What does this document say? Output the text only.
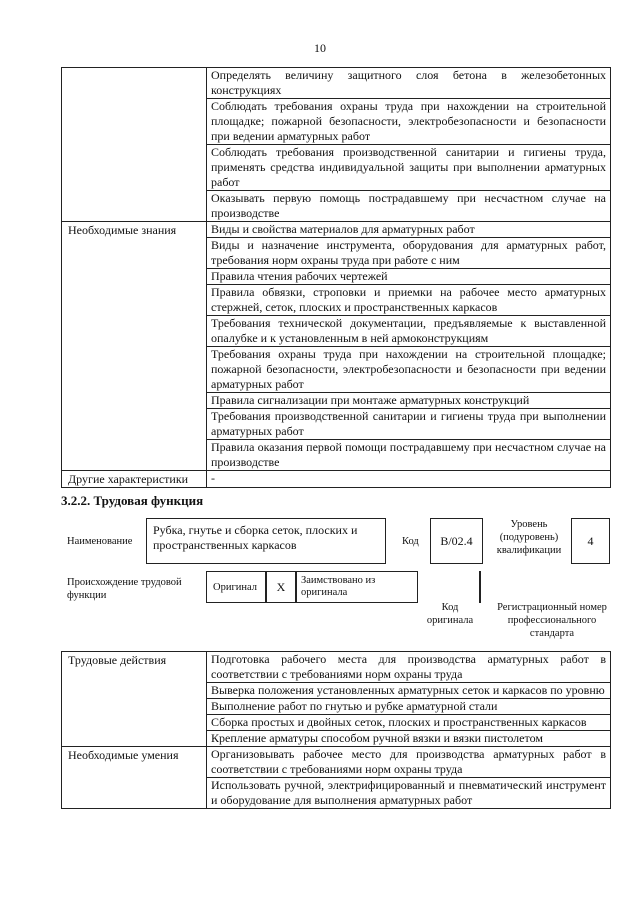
10
	Определять величину защитного слоя бетона в железобетонных конструкциях
	Соблюдать требования охраны труда при нахождении на строительной площадке; пожарной безопасности, электробезопасности и безопасности при ведении арматурных работ
	Соблюдать требования производственной санитарии и гигиены труда, применять средства индивидуальной защиты при выполнении арматурных работ
	Оказывать первую помощь пострадавшему при несчастном случае на производстве
Необходимые знания	Виды и свойства материалов для арматурных работ
	Виды и назначение инструмента, оборудования для арматурных работ, требования норм охраны труда при работе с ним
	Правила чтения рабочих чертежей
	Правила обвязки, строповки и приемки на рабочее место арматурных стержней, сеток, плоских и пространственных каркасов
	Требования технической документации, предъявляемые к выставленной опалубке и к установленным в ней армоконструкциям
	Требования охраны труда при нахождении на строительной площадке; пожарной безопасности, электробезопасности и безопасности при ведении арматурных работ
	Правила сигнализации при монтаже арматурных конструкций
	Требования производственной санитарии и гигиены труда при выполнении арматурных работ
	Правила оказания первой помощи пострадавшему при несчастном случае на производстве
Другие характеристики	-
3.2.2. Трудовая функция
Наименование
Рубка, гнутье и сборка сеток, плоских и пространственных каркасов	Код	B/02.4
Уровень
(подуровень)
квалификации
4
Происхождение трудовой функции
Оригинал	X	Заимствовано из оригинала
Код
оригинала
Регистрационный номер профессионального стандарта
Трудовые действия	Подготовка рабочего места для производства арматурных работ в соответствии с требованиями норм охраны труда
	Выверка положения установленных арматурных сеток и каркасов по уровню
	Выполнение работ по гнутью и рубке арматурной стали
	Сборка простых и двойных сеток, плоских и пространственных каркасов
	Крепление арматуры способом ручной вязки и вязки пистолетом
Необходимые умения	Организовывать рабочее место для производства арматурных работ в соответствии с требованиями норм охраны труда
	Использовать ручной, электрифицированный и пневматический инструмент и оборудование для выполнения арматурных работ
